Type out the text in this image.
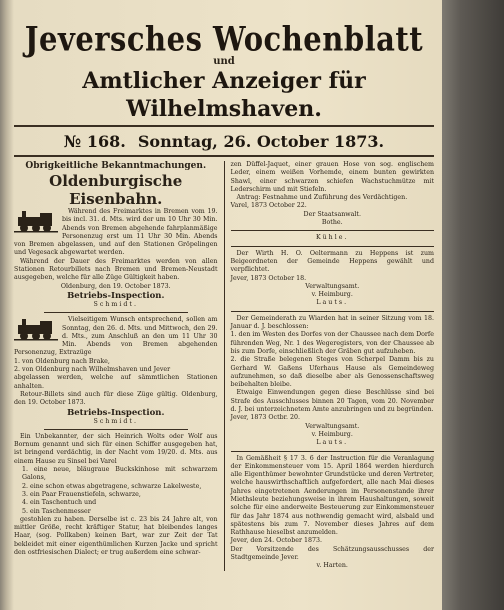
Jeversches Wochenblatt
und
Amtlicher Anzeiger für Wilhelmshaven.
№ 168. Sonntag, 26. October 1873.
Obrigkeitliche Bekanntmachungen.
Oldenburgische Eisenbahn.

Während des Freimarktes in Bremen vom 19. bis incl. 31. d. Mts. wird der um 10 Uhr 30 Min. Abends von Bremen abgehende fahrplanmäßige Personenzug erst um 11 Uhr 30 Min. Abends von Bremen abgelassen, und auf den Stationen Gröpelingen und Vegesack abgewartet werden.

Während der Dauer des Freimarktes werden von allen Stationen Retourbillets nach Bremen und Bremen-Neustadt ausgegeben, welche für alle Züge Gültigkeit haben.

Oldenburg, den 19. October 1873.
Betriebs-Inspection.
Schmidt.

Vielseitigem Wunsch entsprechend, sollen am Sonntag, den 26. d. Mts. und Mittwoch, den 29. d. Mts., zum Anschluß an den um 11 Uhr 30 Min. Abends von Bremen abgehenden Personenzug, Extrazüge

1. von Oldenburg nach Brake,

2. von Oldenburg nach Wilhelmshaven und Jever

abgelassen werden, welche auf sämmtlichen Stationen anhalten.

Retour-Billets sind auch für diese Züge gültig. Oldenburg, den 19. October 1873.

Betriebs-Inspection.
Schmidt.

Ein Unbekannter, der sich Heinrich Wolts oder Wolf aus Bornum genannt und sich für einen Schiffer ausgegeben hat, ist bringend verdächtig, in der Nacht vom 19/20. d. Mts. aus einem Hause zu Sinsel bei Varel

1. eine neue, bläugraue Buckskinhose mit schwarzem Galons,
2. eine schon etwas abgetragene, schwarze Lakelweste,
3. ein Paar Frauenstiefeln, schwarze,
4. ein Taschentuch und
5. ein Taschenmesser

gestohlen zu haben. Derselbe ist c. 23 bis 24 Jahre alt, von mittler Größe, recht kräftiger Statur, hat bleibendes langes Haar, (sog. Pollkaben) keinen Bart, war zur Zeit der Tat bekleidet mit einer eigenthümlichen Kurzen Jacke und spricht den ostfriesischen Dialect; er trug außerdem eine schwar-

zen Düffel-Jaquet, einer grauen Hose von sog. englischem Leder, einem weißen Vorhemde, einem bunten gewirkten Shawl, einer schwarzen schiefen Wachstuchmütze mit Lederschirm und mit Stiefeln.

Antrag: Festnahme und Zuführung des Verdächtigen.

Varel, 1873 October 22.
Der Staatsanwalt.
Bothe.
Kühle.

Der Wirth H. O. Oeltermann zu Heppens ist zum Beigeordneten der Gemeinde Heppens gewählt und verpflichtet.

Jever, 1873 October 18.
Verwaltungsamt.
v. Heimburg.
Lauts.

Der Gemeinderath zu Wiarden hat in seiner Sitzung vom 18. Januar d. J. beschlossen:

1. den im Westen des Dorfes von der Chaussee nach dem Dorfe führenden Weg, Nr. 1 des Wegeregisters, von der Chaussee ab bis zum Dorfe, einschließlich der Gräben gut aufzuheben.

2. die Straße belegenen Steges von Scherpel Damm bis zu Gerhard W. Gaßens Uferhaus Hause als Gemeindeweg aufzunehmen, so daß dieselbe aber als Genossenschaftsweg beibehalten bleibe.

Etwaige Einwendungen gegen diese Beschlüsse sind bei Strafe des Ausschlusses binnen 20 Tagen, vom 20. November d. J. bei unterzeichnetem Amte anzubringen und zu begründen.

Jever, 1873 Octbr. 20.
Verwaltungsamt.
v. Heimburg.
Lauts.

In Gemäßheit § 17 3. 6 der Instruction für die Veranlagung der Einkommensteuer vom 15. April 1864 werden hierdurch alle Eigenthümer bewohnter Grundstücke und deren Vertreter, welche hauswirthschaftlich aufgefordert, alle nach Mai dieses Jahres eingetretenen Aenderungen im Personenstande ihrer Miethsleute beziehungsweise in ihrem Haushaltungen, soweit solche für eine anderweite Besteuerung zur Einkommensteuer für das Jahr 1874 aus nothwendig gemacht wird, alsbald und spätestens bis zum 7. November dieses Jahres auf dem Rathhause hieselbst anzumelden.

Jever, den 24. October 1873.
Der Vorsitzende des Schätzungsausschusses der Stadtgemeinde Jever.
v. Harten.
